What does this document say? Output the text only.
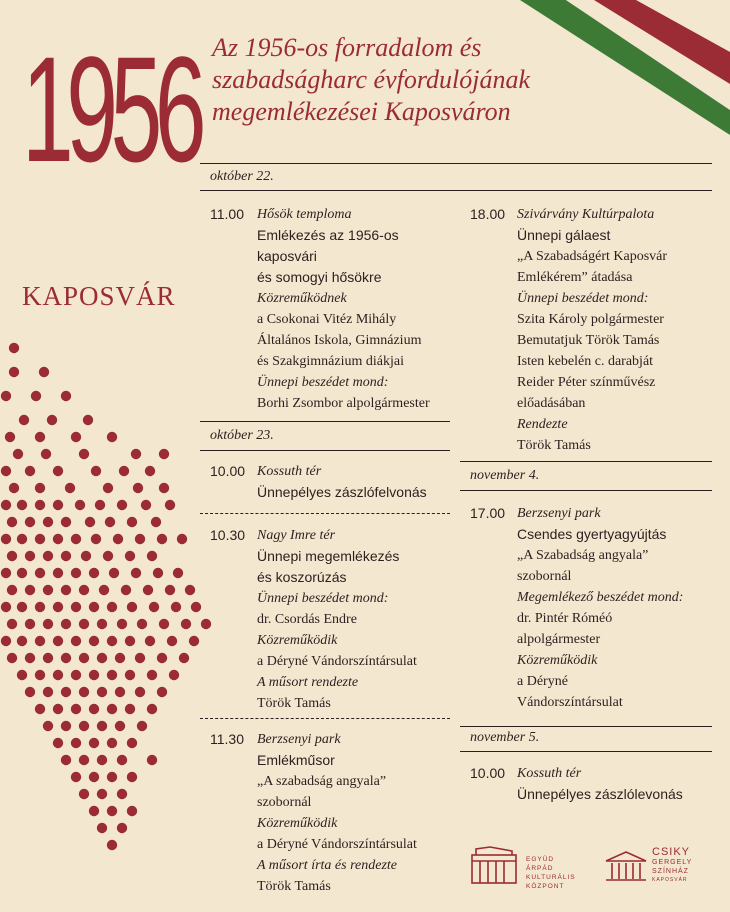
1956
KAPOSVÁR
Az 1956-os forradalom és
szabadságharc évfordulójának
megemlékezései Kaposváron
október 22.
11.00 Hősök temploma
Emlékezés az 1956-os
kaposvári
és somogyi hősökre
Közreműködnek
a Csokonai Vitéz Mihály
Általános Iskola, Gimnázium
és Szakgimnázium diákjai
Ünnepi beszédet mond:
Borhi Zsombor alpolgármester
október 23.
10.00 Kossuth tér
Ünnepélyes zászlófelvonás
10.30 Nagy Imre tér
Ünnepi megemlékezés
és koszorúzás
Ünnepi beszédet mond:
dr. Csordás Endre
Közreműködik
a Déryné Vándorszíntársulat
A műsort rendezte
Török Tamás
11.30 Berzsenyi park
Emlékműsor
„A szabadság angyala”
szobornál
Közreműködik
a Déryné Vándorszíntársulat
A műsort írta és rendezte
Török Tamás
18.00 Szivárvány Kultúrpalota
Ünnepi gálaest
„A Szabadságért Kaposvár
Emlékérem” átadása
Ünnepi beszédet mond:
Szita Károly polgármester
Bemutatjuk Török Tamás
Isten kebelén c. darabját
Reider Péter színművész
előadásában
Rendezte
Török Tamás
november 4.
17.00 Berzsenyi park
Csendes gyertyagyújtás
„A Szabadság angyala”
szobornál
Megemlékező beszédet mond:
dr. Pintér Róméó
alpolgármester
Közreműködik
a Déryné
Vándorszíntársulat
november 5.
10.00 Kossuth tér
Ünnepélyes zászlólevonás
EGYÜD ÁRPÁD
KULTURÁLIS
KÖZPONT
CSIKY
GERGELY
SZÍNHÁZ
KAPOSVÁR
